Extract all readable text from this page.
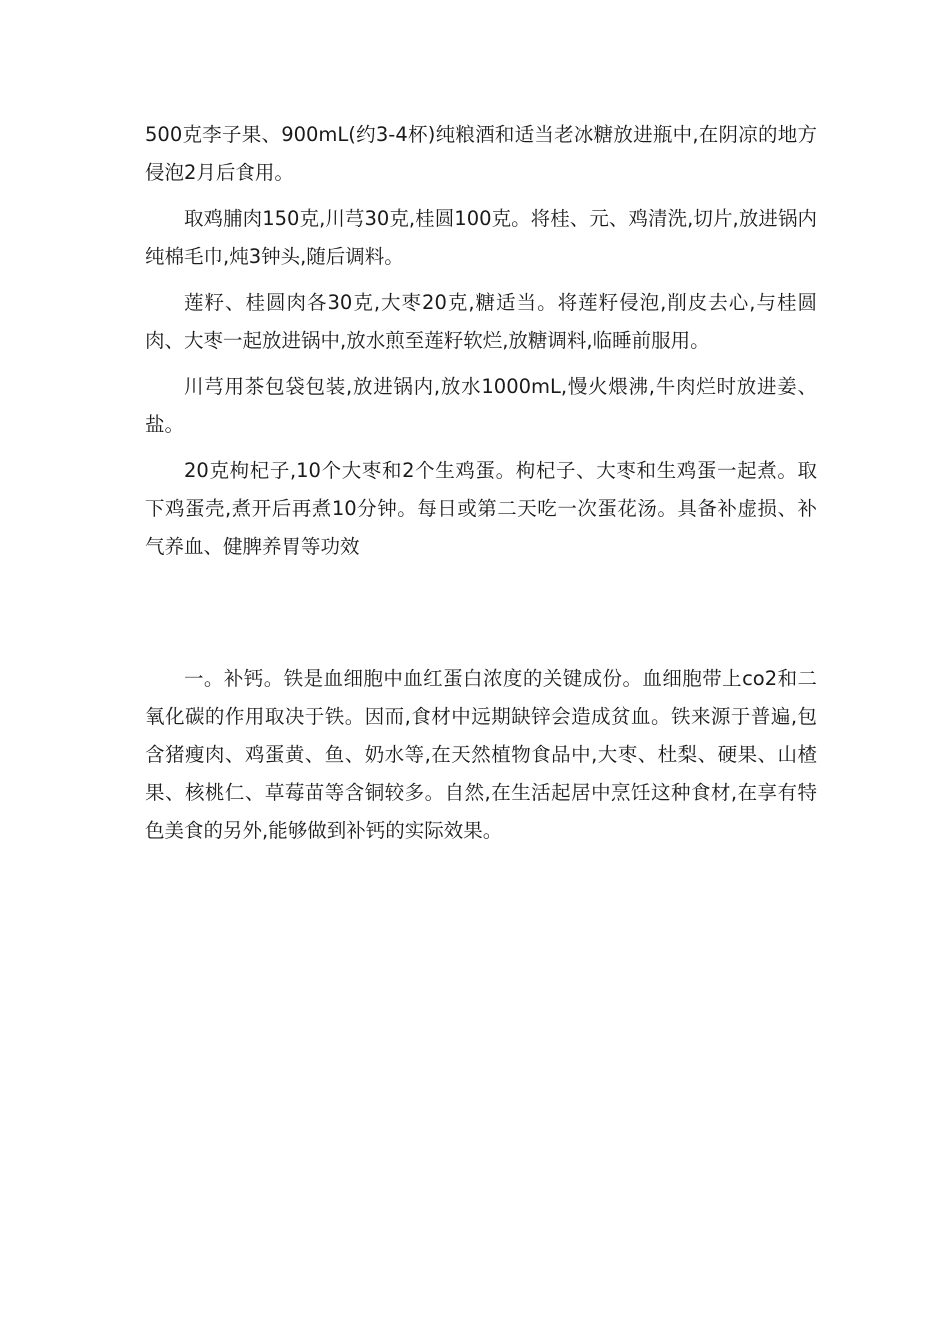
500克李子果、900mL(约3-4杯)纯粮酒和适当老冰糖放进瓶中,在阴凉的地方侵泡2月后食用。

取鸡脯肉150克,川芎30克,桂圆100克。将桂、元、鸡清洗,切片,放进锅内纯棉毛巾,炖3钟头,随后调料。

莲籽、桂圆肉各30克,大枣20克,糖适当。将莲籽侵泡,削皮去心,与桂圆肉、大枣一起放进锅中,放水煎至莲籽软烂,放糖调料,临睡前服用。

川芎用茶包袋包装,放进锅内,放水1000mL,慢火煨沸,牛肉烂时放进姜、盐。

20克枸杞子,10个大枣和2个生鸡蛋。枸杞子、大枣和生鸡蛋一起煮。取下鸡蛋壳,煮开后再煮10分钟。每日或第二天吃一次蛋花汤。具备补虚损、补气养血、健脾养胃等功效

一。补钙。铁是血细胞中血红蛋白浓度的关键成份。血细胞带上co2和二氧化碳的作用取决于铁。因而,食材中远期缺锌会造成贫血。铁来源于普遍,包含猪瘦肉、鸡蛋黄、鱼、奶水等,在天然植物食品中,大枣、杜梨、硬果、山楂果、核桃仁、草莓苗等含铜较多。自然,在生活起居中烹饪这种食材,在享有特色美食的另外,能够做到补钙的实际效果。
